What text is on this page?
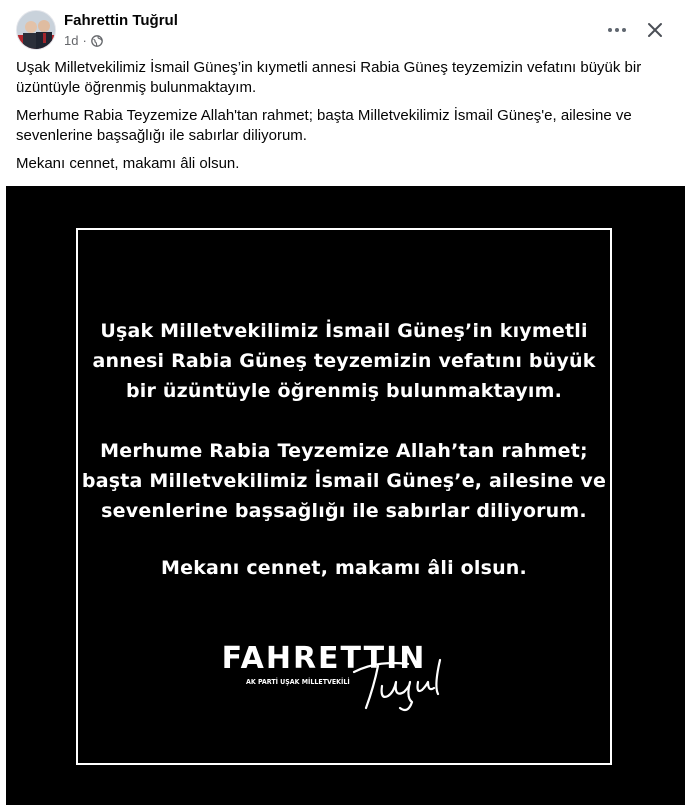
Fahrettin Tuğrul
1d ·

Uşak Milletvekilimiz İsmail Güneş’in kıymetli annesi Rabia Güneş teyzemizin vefatını büyük bir üzüntüyle öğrenmiş bulunmaktayım.

Merhume Rabia Teyzemize Allah'tan rahmet; başta Milletvekilimiz İsmail Güneş'e, ailesine ve sevenlerine başsağlığı ile sabırlar diliyorum.

Mekanı cennet, makamı âli olsun.

Uşak Milletvekilimiz İsmail Güneş’in kıymetli
annesi Rabia Güneş teyzemizin vefatını büyük
bir üzüntüyle öğrenmiş bulunmaktayım.
Merhume Rabia Teyzemize Allah’tan rahmet;
başta Milletvekilimiz İsmail Güneş’e, ailesine ve
sevenlerine başsağlığı ile sabırlar diliyorum.
Mekanı cennet, makamı âli olsun.
FAHRETTIN
AK PARTİ UŞAK MİLLETVEKİLİ
